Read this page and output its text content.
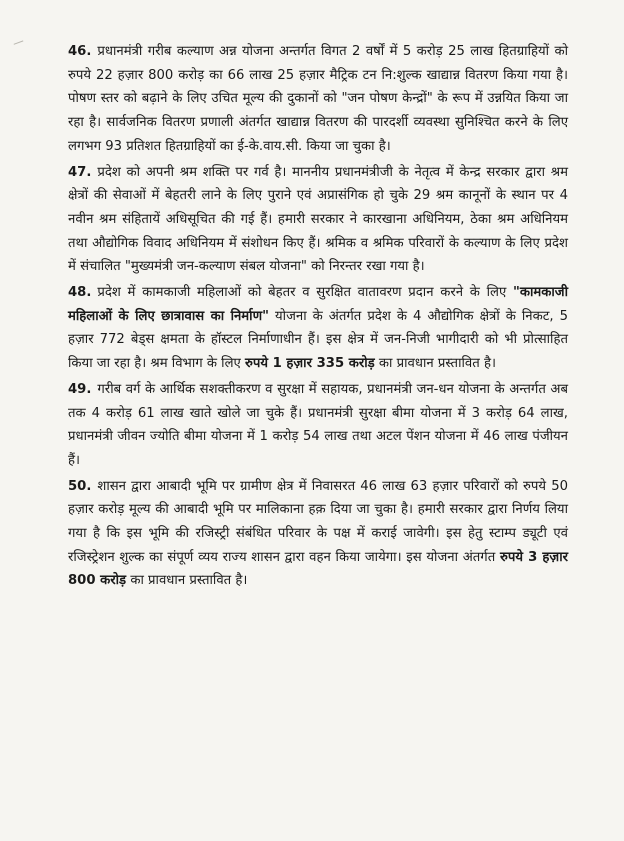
46. प्रधानमंत्री गरीब कल्याण अन्न योजना अन्तर्गत विगत 2 वर्षों में 5 करोड़ 25 लाख हितग्राहियों को रुपये 22 हज़ार 800 करोड़ का 66 लाख 25 हज़ार मैट्रिक टन नि:शुल्क खाद्यान्न वितरण किया गया है। पोषण स्तर को बढ़ाने के लिए उचित मूल्य की दुकानों को "जन पोषण केन्द्रों" के रूप में उन्नयित किया जा रहा है। सार्वजनिक वितरण प्रणाली अंतर्गत खाद्यान्न वितरण की पारदर्शी व्यवस्था सुनिश्चित करने के लिए लगभग 93 प्रतिशत हितग्राहियों का ई-के.वाय.सी. किया जा चुका है।

47. प्रदेश को अपनी श्रम शक्ति पर गर्व है। माननीय प्रधानमंत्रीजी के नेतृत्व में केन्द्र सरकार द्वारा श्रम क्षेत्रों की सेवाओं में बेहतरी लाने के लिए पुराने एवं अप्रासंगिक हो चुके 29 श्रम कानूनों के स्थान पर 4 नवीन श्रम संहितायें अधिसूचित की गई हैं। हमारी सरकार ने कारखाना अधिनियम, ठेका श्रम अधिनियम तथा औद्योगिक विवाद अधिनियम में संशोधन किए हैं। श्रमिक व श्रमिक परिवारों के कल्याण के लिए प्रदेश में संचालित "मुख्यमंत्री जन-कल्याण संबल योजना" को निरन्तर रखा गया है।

48. प्रदेश में कामकाजी महिलाओं को बेहतर व सुरक्षित वातावरण प्रदान करने के लिए "कामकाजी महिलाओं के लिए छात्रावास का निर्माण" योजना के अंतर्गत प्रदेश के 4 औद्योगिक क्षेत्रों के निकट, 5 हज़ार 772 बेड्स क्षमता के हॉस्टल निर्माणाधीन हैं। इस क्षेत्र में जन-निजी भागीदारी को भी प्रोत्साहित किया जा रहा है। श्रम विभाग के लिए रुपये 1 हज़ार 335 करोड़ का प्रावधान प्रस्तावित है।

49. गरीब वर्ग के आर्थिक सशक्तीकरण व सुरक्षा में सहायक, प्रधानमंत्री जन-धन योजना के अन्तर्गत अब तक 4 करोड़ 61 लाख खाते खोले जा चुके हैं। प्रधानमंत्री सुरक्षा बीमा योजना में 3 करोड़ 64 लाख, प्रधानमंत्री जीवन ज्योति बीमा योजना में 1 करोड़ 54 लाख तथा अटल पेंशन योजना में 46 लाख पंजीयन हैं।

50. शासन द्वारा आबादी भूमि पर ग्रामीण क्षेत्र में निवासरत 46 लाख 63 हज़ार परिवारों को रुपये 50 हज़ार करोड़ मूल्य की आबादी भूमि पर मालिकाना हक़ दिया जा चुका है। हमारी सरकार द्वारा निर्णय लिया गया है कि इस भूमि की रजिस्ट्री संबंधित परिवार के पक्ष में कराई जावेगी। इस हेतु स्टाम्प ड्यूटी एवं रजिस्ट्रेशन शुल्क का संपूर्ण व्यय राज्य शासन द्वारा वहन किया जायेगा। इस योजना अंतर्गत रुपये 3 हज़ार 800 करोड़ का प्रावधान प्रस्तावित है।
